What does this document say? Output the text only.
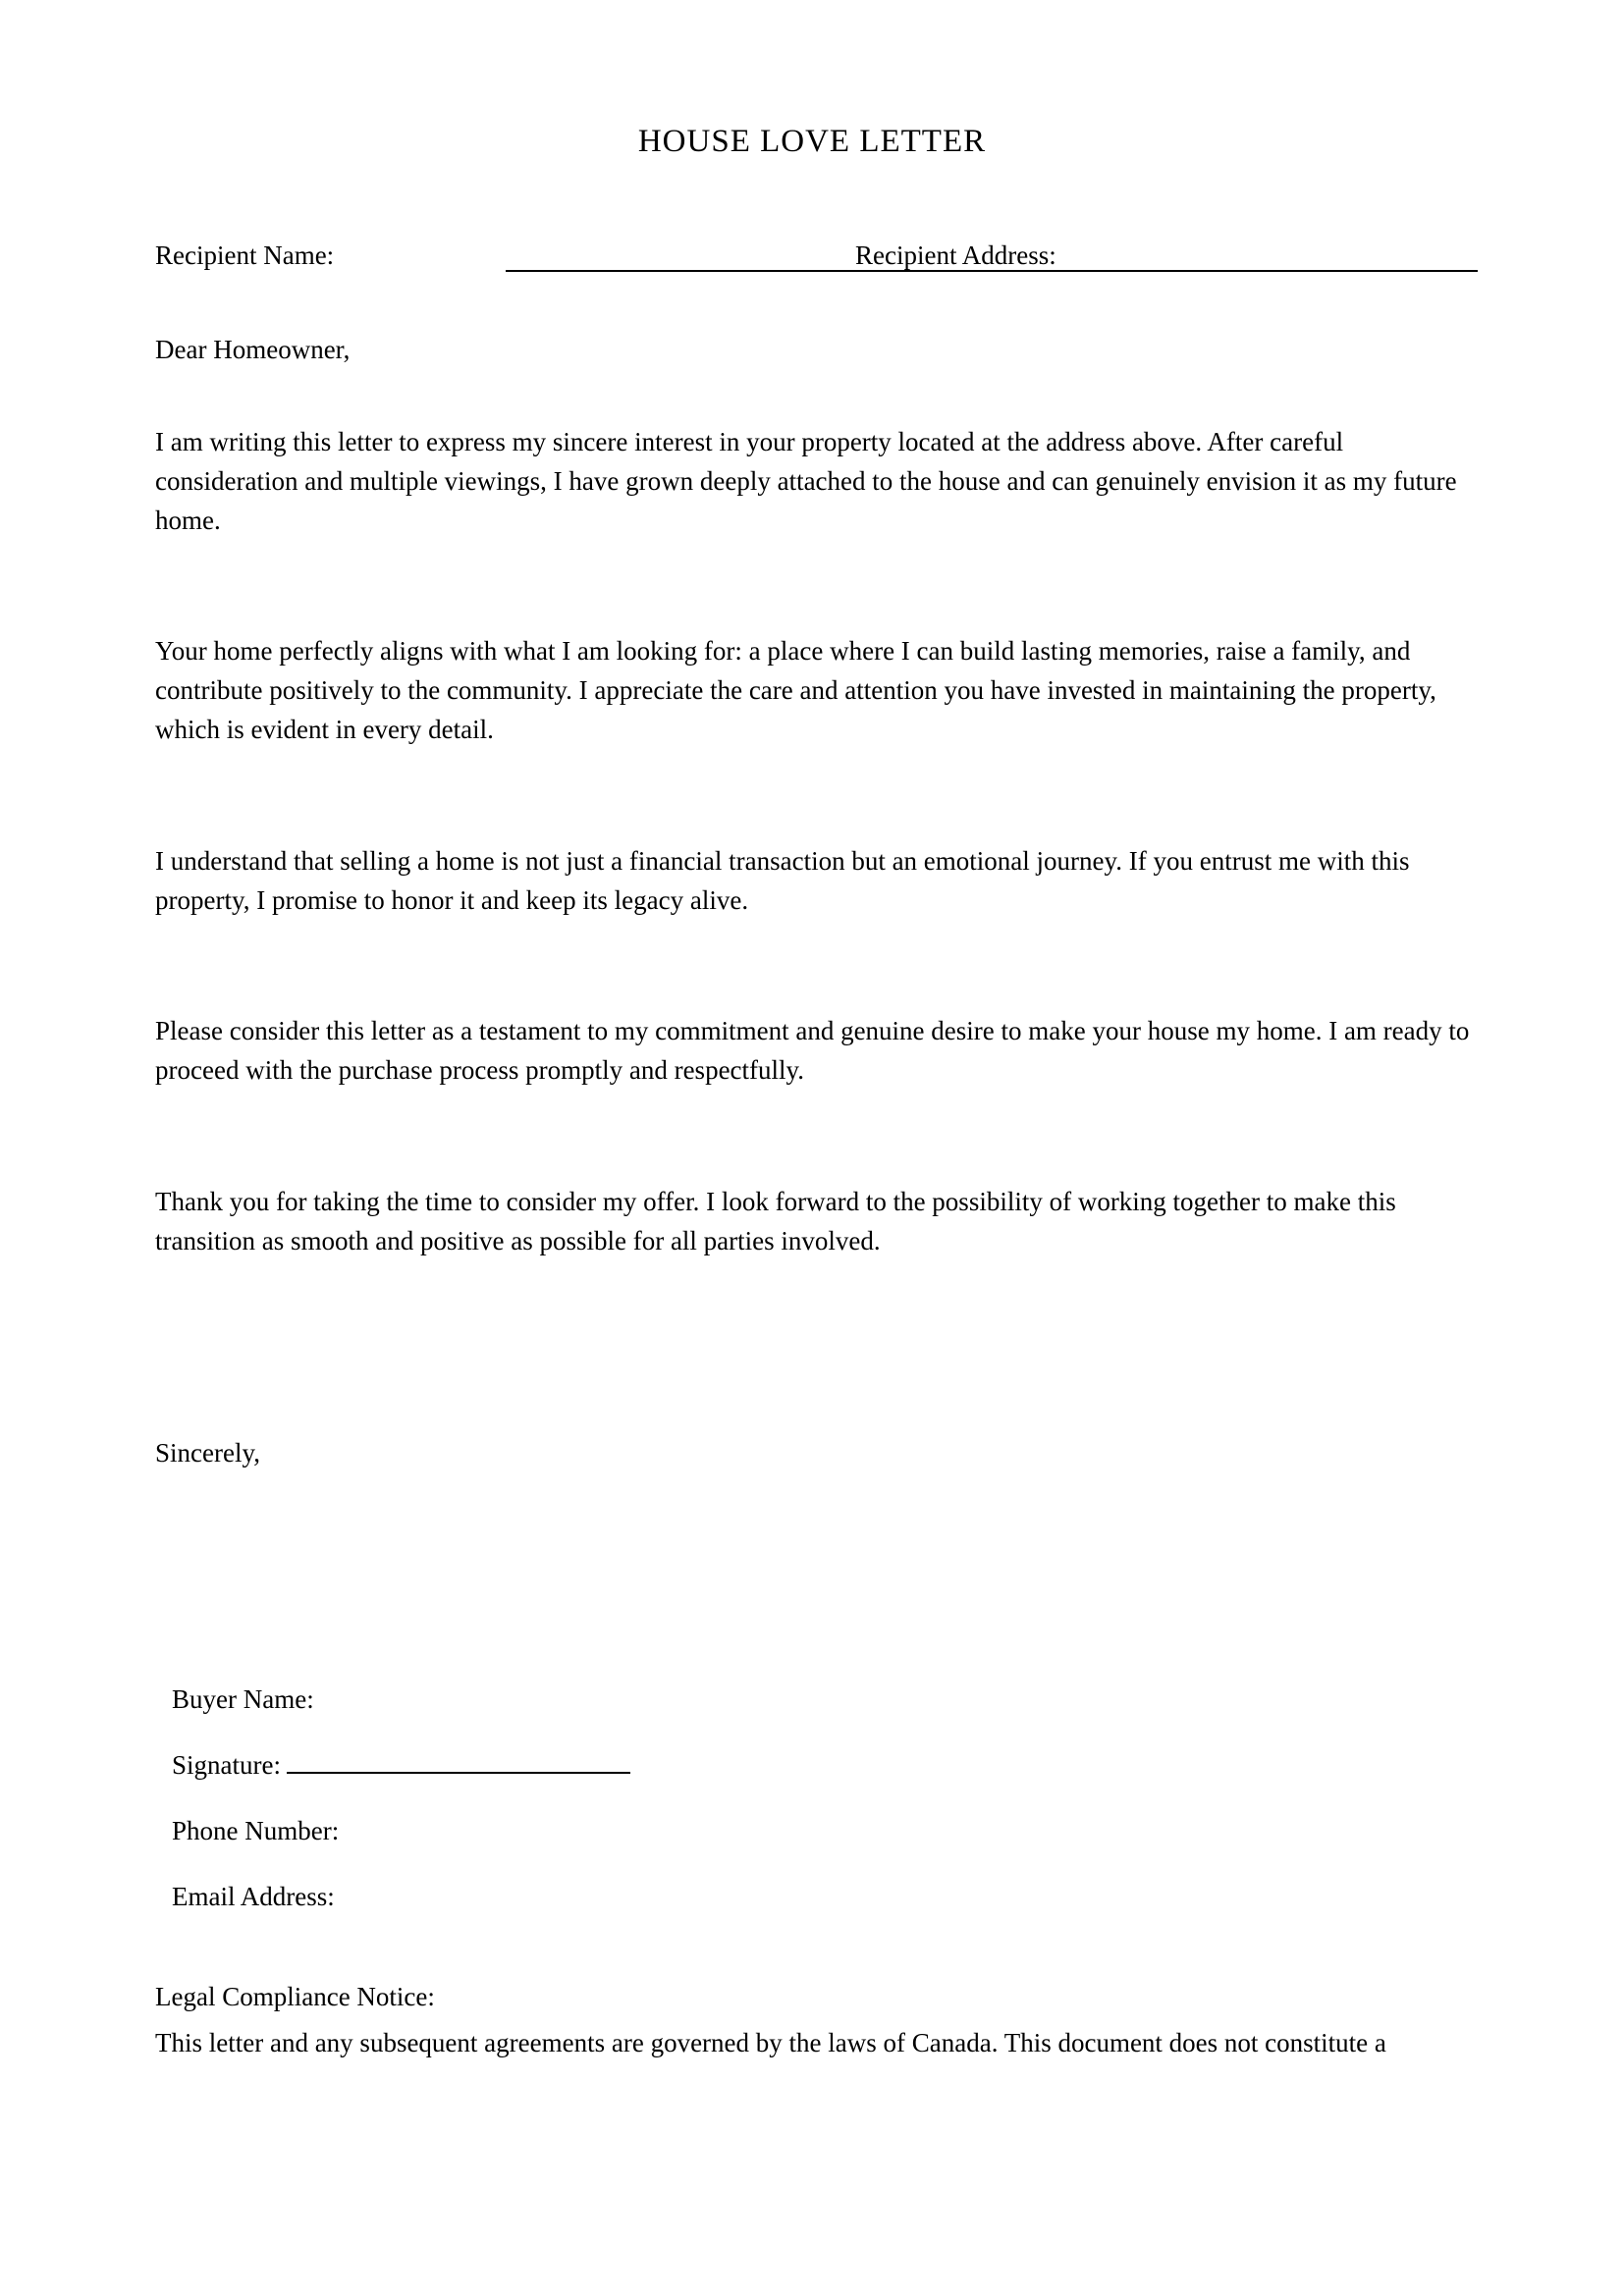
HOUSE LOVE LETTER
Recipient Name:	Recipient Address:
Dear Homeowner,

I am writing this letter to express my sincere interest in your property located at the address above. After careful consideration and multiple viewings, I have grown deeply attached to the house and can genuinely envision it as my future home.

Your home perfectly aligns with what I am looking for: a place where I can build lasting memories, raise a family, and contribute positively to the community. I appreciate the care and attention you have invested in maintaining the property, which is evident in every detail.

I understand that selling a home is not just a financial transaction but an emotional journey. If you entrust me with this property, I promise to honor it and keep its legacy alive.

Please consider this letter as a testament to my commitment and genuine desire to make your house my home. I am ready to proceed with the purchase process promptly and respectfully.

Thank you for taking the time to consider my offer. I look forward to the possibility of working together to make this transition as smooth and positive as possible for all parties involved.

Sincerely,
Buyer Name:
Signature:
Phone Number:
Email Address:
Legal Compliance Notice:
This letter and any subsequent agreements are governed by the laws of Canada. This document does not constitute a
